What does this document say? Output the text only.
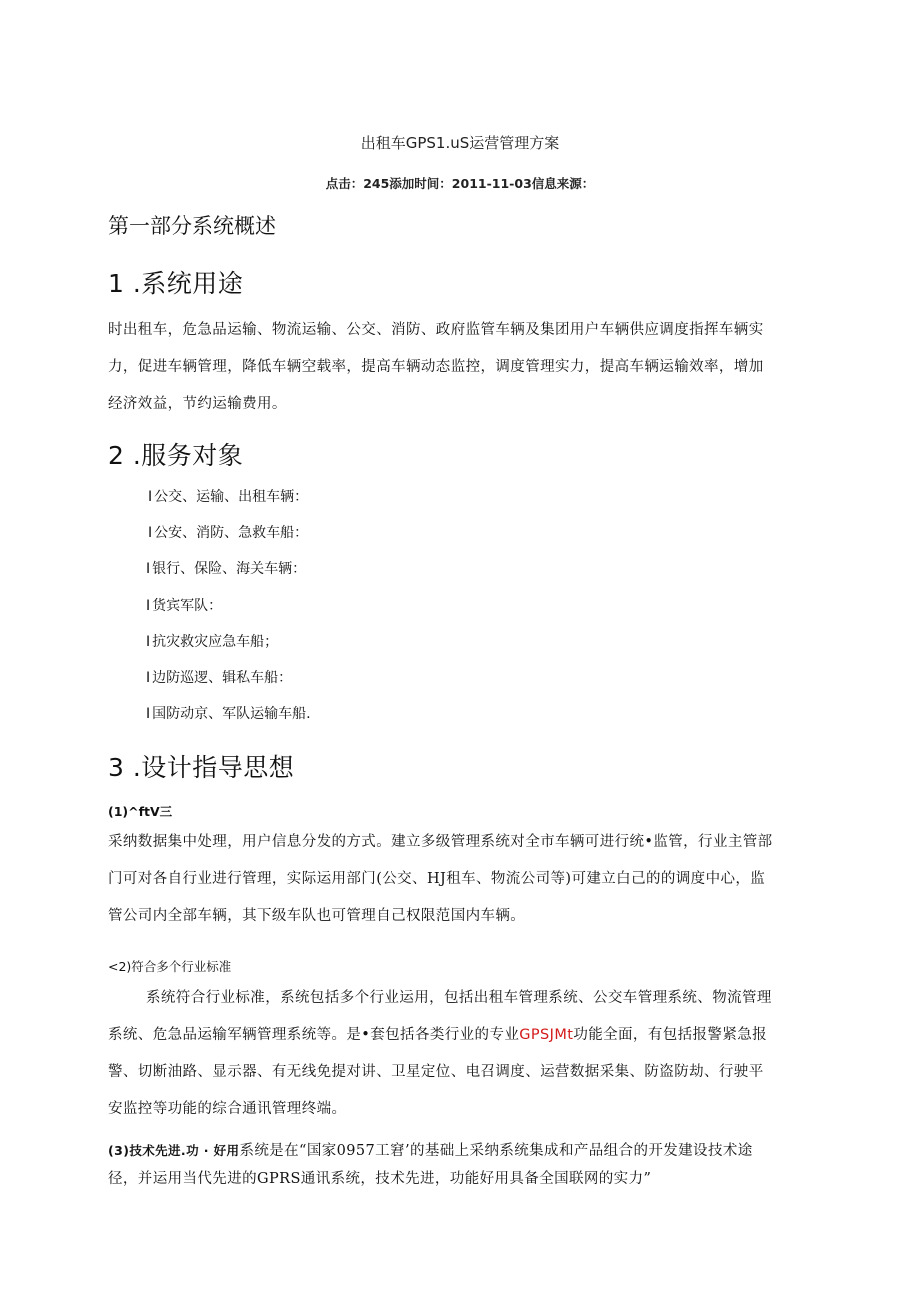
出租车GPS1.uS运营管理方案
点击：245添加时间：2011-11-03信息来源：
第一部分系统概述
1 .系统用途
时出租车，危急品运输、物流运输、公交、消防、政府监管车辆及集团用户车辆供应调度指挥车辆实
力，促进车辆管理，降低车辆空载率，提高车辆动态监控，调度管理实力，提高车辆运输效率，增加
经济效益，节约运输费用。
2 .服务对象
I 公交、运输、出租车辆：
I 公安、消防、急救车船：
I 银行、保险、海关车辆：
I 货宾军队：
I 抗灾救灾应急车船；
I 边防巡逻、辑私车船：
I 国防动京、军队运输车船.
3 .设计指导思想
(1)^ftV三
采纳数据集中处理，用户信息分发的方式。建立多级管理系统对全市车辆可进行统•监管，行业主管部
门可对各自行业进行管理，实际运用部门(公交、HJ租车、物流公司等)可建立白己的的调度中心，监
管公司内全部车辆，其下级车队也可管理自己权限范国内车辆。
<2)符合多个行业标准
系统符合行业标准，系统包括多个行业运用，包括出租车管理系统、公交车管理系统、物流管理
系统、危急品运输军辆管理系统等。是•套包括各类行业的专业GPSJMt功能全面，有包括报警紧急报
警、切断油路、显示器、有无线免提对讲、卫星定位、电召调度、运营数据采集、防盗防劫、行驶平
安监控等功能的综合通讯管理终端。
(3)技术先进.功 · 好用系统是在“国家0957工窘’的基础上采纳系统集成和产品组合的开发建设技术途
径，并运用当代先进的GPRS通讯系统，技术先进，功能好用具备全国联网的实力”
